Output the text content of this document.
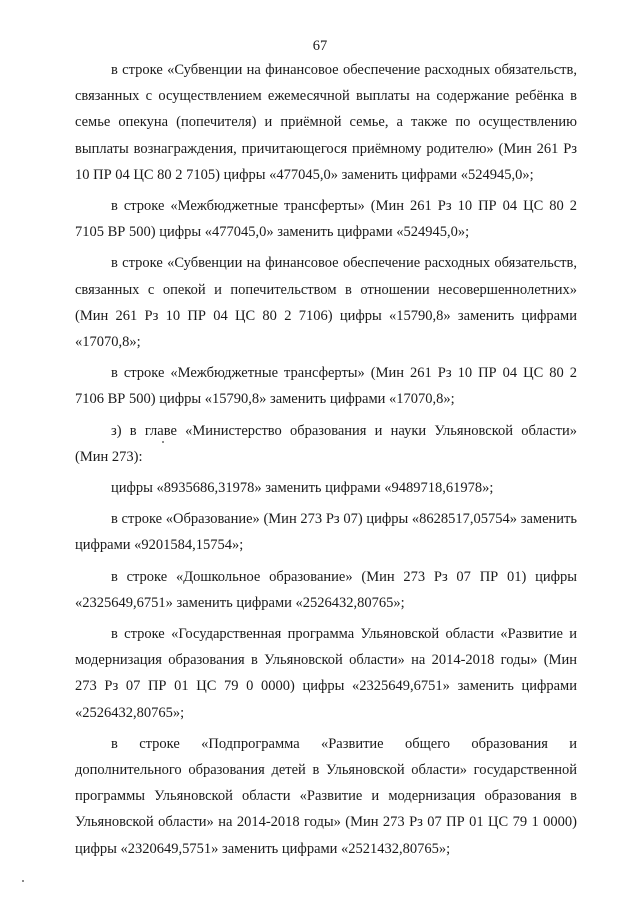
67

в строке «Субвенции на финансовое обеспечение расходных обязательств, связанных с осуществлением ежемесячной выплаты на содержание ребёнка в семье опекуна (попечителя) и приёмной семье, а также по осуществлению выплаты вознаграждения, причитающегося приёмному родителю» (Мин 261 Рз 10 ПР 04 ЦС 80 2 7105) цифры «477045,0» заменить цифрами «524945,0»;

в строке «Межбюджетные трансферты» (Мин 261 Рз 10 ПР 04 ЦС 80 2 7105 ВР 500) цифры «477045,0» заменить цифрами «524945,0»;

в строке «Субвенции на финансовое обеспечение расходных обязательств, связанных с опекой и попечительством в отношении несовершеннолетних» (Мин 261 Рз 10 ПР 04 ЦС 80 2 7106) цифры «15790,8» заменить цифрами «17070,8»;

в строке «Межбюджетные трансферты» (Мин 261 Рз 10 ПР 04 ЦС 80 2 7106 ВР 500) цифры «15790,8» заменить цифрами «17070,8»;

з) в главе «Министерство образования и науки Ульяновской области» (Мин 273):

цифры «8935686,31978» заменить цифрами «9489718,61978»;

в строке «Образование» (Мин 273 Рз 07) цифры «8628517,05754» заменить цифрами «9201584,15754»;

в строке «Дошкольное образование» (Мин 273 Рз 07 ПР 01) цифры «2325649,6751» заменить цифрами «2526432,80765»;

в строке «Государственная программа Ульяновской области «Развитие и модернизация образования в Ульяновской области» на 2014-2018 годы» (Мин 273 Рз 07 ПР 01 ЦС 79 0 0000) цифры «2325649,6751» заменить цифрами «2526432,80765»;

в строке «Подпрограмма «Развитие общего образования и дополнительного образования детей в Ульяновской области» государственной программы Ульяновской области «Развитие и модернизация образования в Ульяновской области» на 2014-2018 годы» (Мин 273 Рз 07 ПР 01 ЦС 79 1 0000) цифры «2320649,5751» заменить цифрами «2521432,80765»;
